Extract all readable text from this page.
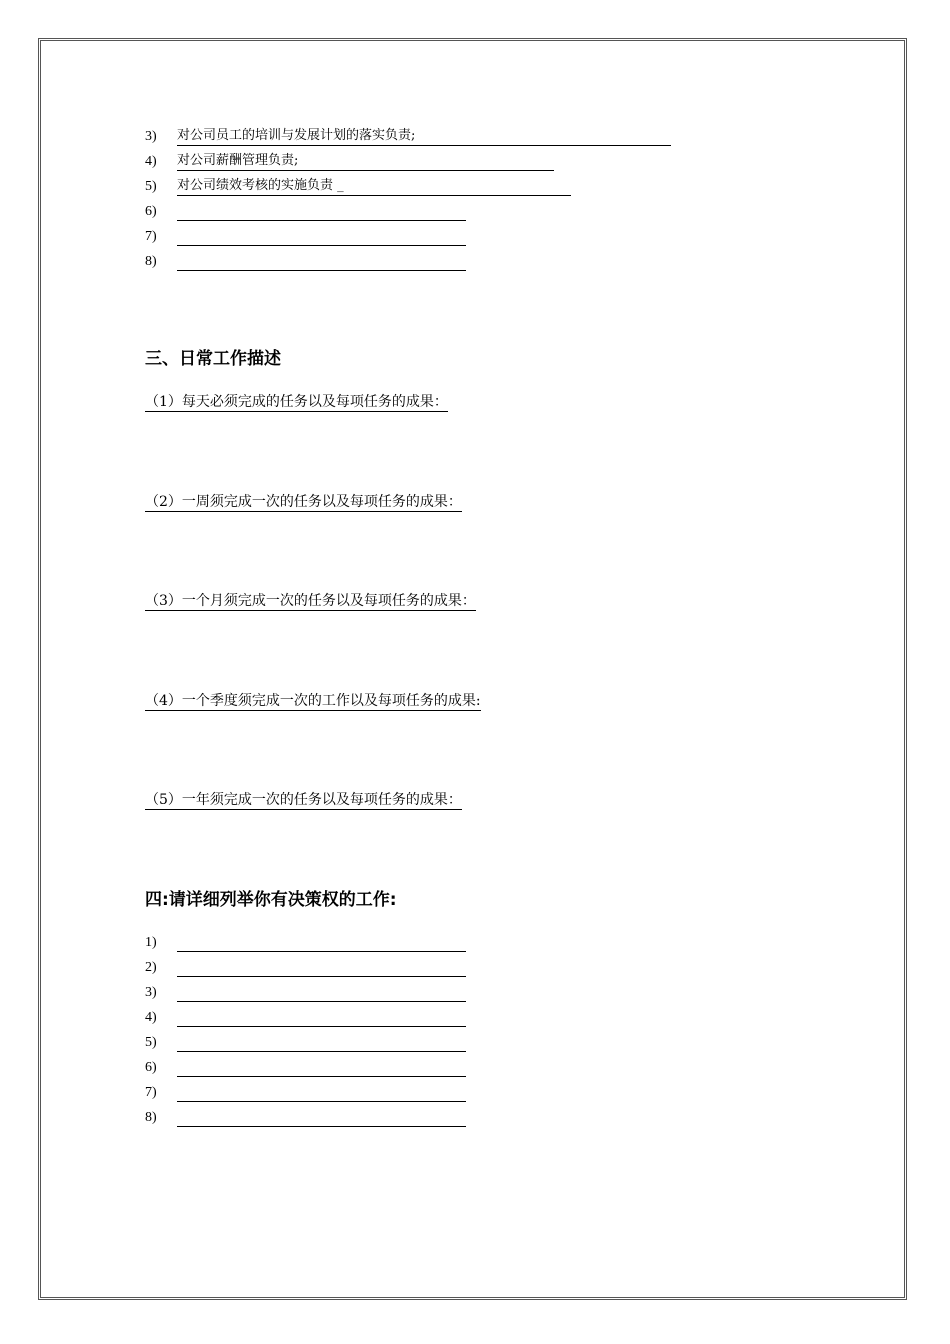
3) 对公司员工的培训与发展计划的落实负责;
4) 对公司薪酬管理负责;
5) 对公司绩效考核的实施负责 _
6)
7)
8)
三、日常工作描述
（1）每天必须完成的任务以及每项任务的成果：
（2）一周须完成一次的任务以及每项任务的成果：
（3）一个月须完成一次的任务以及每项任务的成果：
（4）一个季度须完成一次的工作以及每项任务的成果:
（5）一年须完成一次的任务以及每项任务的成果：
四:请详细列举你有决策权的工作:
1)
2)
3)
4)
5)
6)
7)
8)
